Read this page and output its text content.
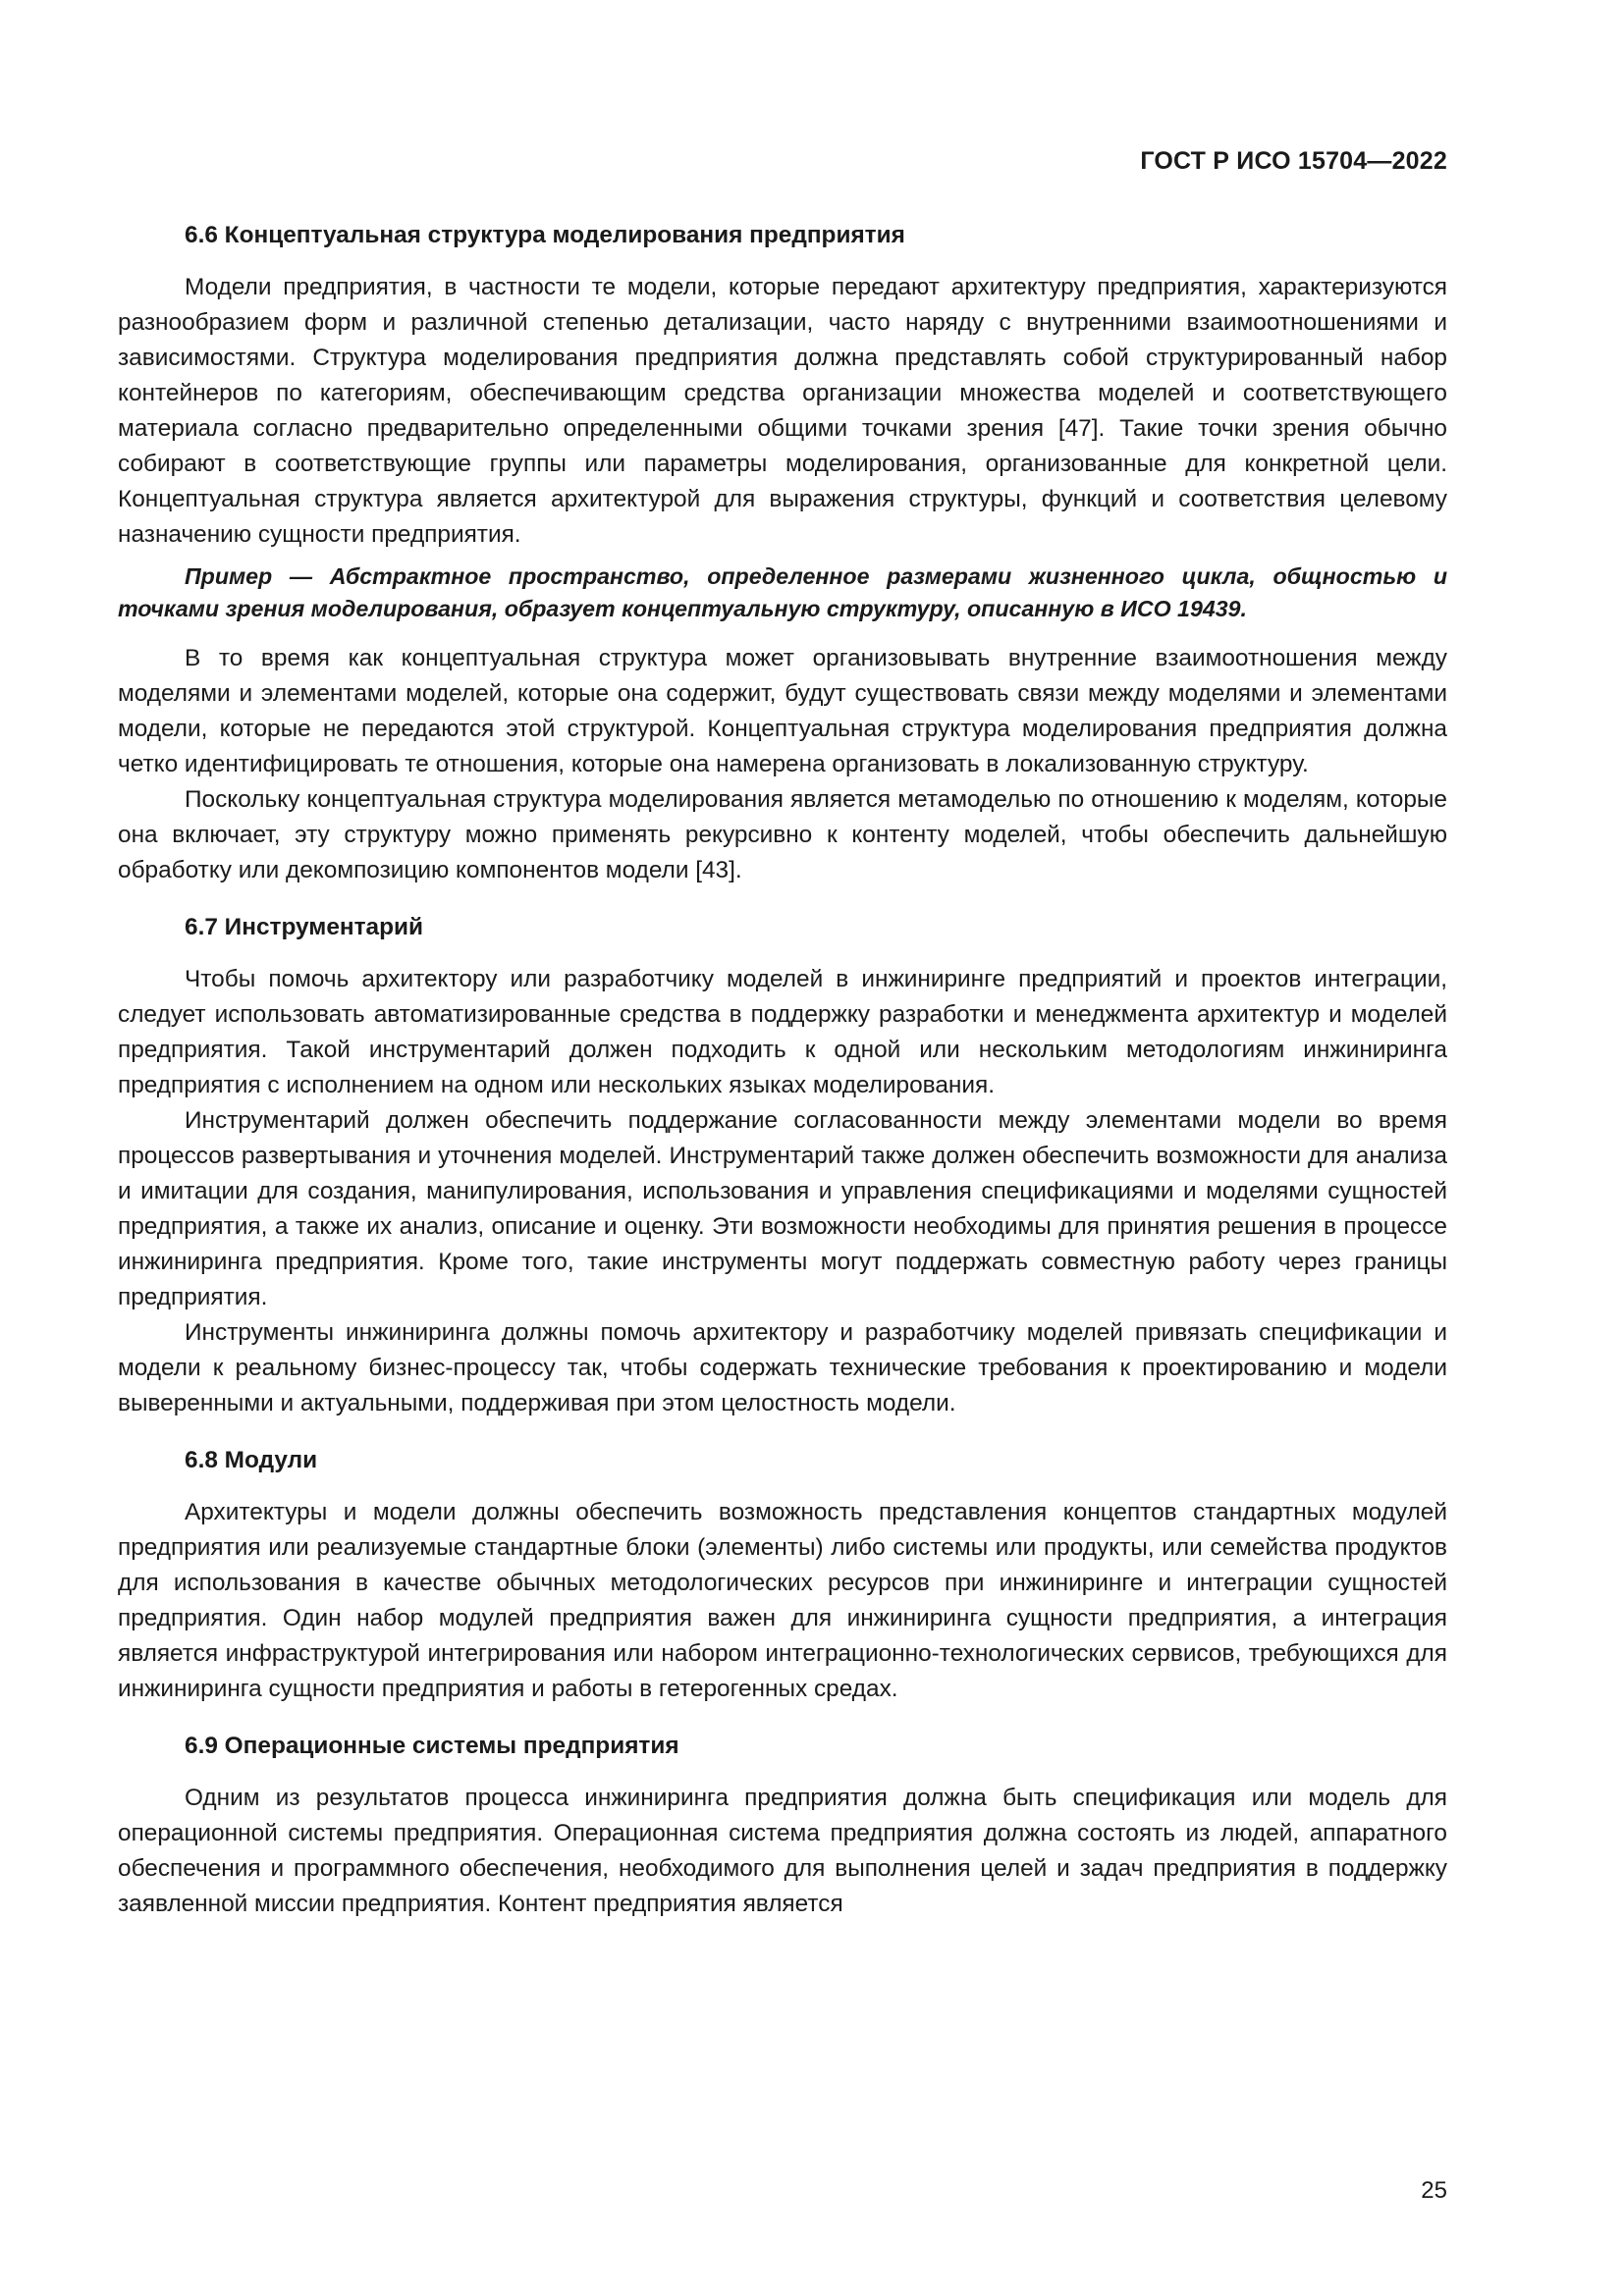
ГОСТ Р ИСО 15704—2022
6.6 Концептуальная структура моделирования предприятия

Модели предприятия, в частности те модели, которые передают архитектуру предприятия, характеризуются разнообразием форм и различной степенью детализации, часто наряду с внутренними взаимоотношениями и зависимостями. Структура моделирования предприятия должна представлять собой структурированный набор контейнеров по категориям, обеспечивающим средства организации множества моделей и соответствующего материала согласно предварительно определенными общими точками зрения [47]. Такие точки зрения обычно собирают в соответствующие группы или параметры моделирования, организованные для конкретной цели. Концептуальная структура является архитектурой для выражения структуры, функций и соответствия целевому назначению сущности предприятия.

Пример — Абстрактное пространство, определенное размерами жизненного цикла, общностью и точками зрения моделирования, образует концептуальную структуру, описанную в ИСО 19439.

В то время как концептуальная структура может организовывать внутренние взаимоотношения между моделями и элементами моделей, которые она содержит, будут существовать связи между моделями и элементами модели, которые не передаются этой структурой. Концептуальная структура моделирования предприятия должна четко идентифицировать те отношения, которые она намерена организовать в локализованную структуру.

Поскольку концептуальная структура моделирования является метамоделью по отношению к моделям, которые она включает, эту структуру можно применять рекурсивно к контенту моделей, чтобы обеспечить дальнейшую обработку или декомпозицию компонентов модели [43].

6.7 Инструментарий

Чтобы помочь архитектору или разработчику моделей в инжиниринге предприятий и проектов интеграции, следует использовать автоматизированные средства в поддержку разработки и менеджмента архитектур и моделей предприятия. Такой инструментарий должен подходить к одной или нескольким методологиям инжиниринга предприятия с исполнением на одном или нескольких языках моделирования.

Инструментарий должен обеспечить поддержание согласованности между элементами модели во время процессов развертывания и уточнения моделей. Инструментарий также должен обеспечить возможности для анализа и имитации для создания, манипулирования, использования и управления спецификациями и моделями сущностей предприятия, а также их анализ, описание и оценку. Эти возможности необходимы для принятия решения в процессе инжиниринга предприятия. Кроме того, такие инструменты могут поддержать совместную работу через границы предприятия.

Инструменты инжиниринга должны помочь архитектору и разработчику моделей привязать спецификации и модели к реальному бизнес-процессу так, чтобы содержать технические требования к проектированию и модели выверенными и актуальными, поддерживая при этом целостность модели.

6.8 Модули

Архитектуры и модели должны обеспечить возможность представления концептов стандартных модулей предприятия или реализуемые стандартные блоки (элементы) либо системы или продукты, или семейства продуктов для использования в качестве обычных методологических ресурсов при инжиниринге и интеграции сущностей предприятия. Один набор модулей предприятия важен для инжиниринга сущности предприятия, а интеграция является инфраструктурой интегрирования или набором интеграционно-технологических сервисов, требующихся для инжиниринга сущности предприятия и работы в гетерогенных средах.

6.9 Операционные системы предприятия

Одним из результатов процесса инжиниринга предприятия должна быть спецификация или модель для операционной системы предприятия. Операционная система предприятия должна состоять из людей, аппаратного обеспечения и программного обеспечения, необходимого для выполнения целей и задач предприятия в поддержку заявленной миссии предприятия. Контент предприятия является

25
